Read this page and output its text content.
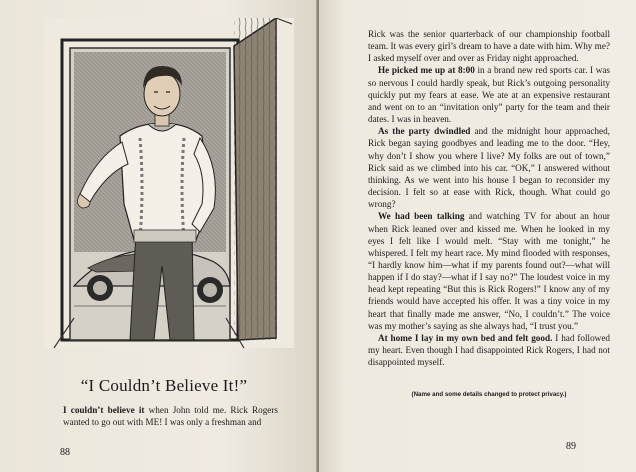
“I Couldn’t Believe It!”
I couldn’t believe it when John told me. Rick Rogers wanted to go out with ME! I was only a freshman and
88

Rick was the senior quarterback of our championship football team. It was every girl’s dream to have a date with him. Why me? I asked myself over and over as Friday night approached.

He picked me up at 8:00 in a brand new red sports car. I was so nervous I could hardly speak, but Rick’s outgoing personality quickly put my fears at ease. We ate at an expensive restaurant and went on to an “invitation only” party for the team and their dates. I was in heaven.

As the party dwindled and the midnight hour approached, Rick began saying goodbyes and leading me to the door. “Hey, why don’t I show you where I live? My folks are out of town,” Rick said as we climbed into his car. “OK,” I answered without thinking. As we went into his house I began to reconsider my decision. I felt so at ease with Rick, though. What could go wrong?

We had been talking and watching TV for about an hour when Rick leaned over and kissed me. When he looked in my eyes I felt like I would melt. “Stay with me tonight,” he whispered. I felt my heart race. My mind flooded with responses, “I hardly know him—what if my parents found out?—what will happen if I do stay?—what if I say no?” The loudest voice in my head kept repeating “But this is Rick Rogers!” I know any of my friends would have accepted his offer. It was a tiny voice in my heart that finally made me answer, “No, I couldn’t.” The voice was my mother’s saying as she always had, “I trust you.”

At home I lay in my own bed and felt good. I had followed my heart. Even though I had disappointed Rick Rogers, I had not disappointed myself.

(Name and some details changed to protect privacy.)
89
